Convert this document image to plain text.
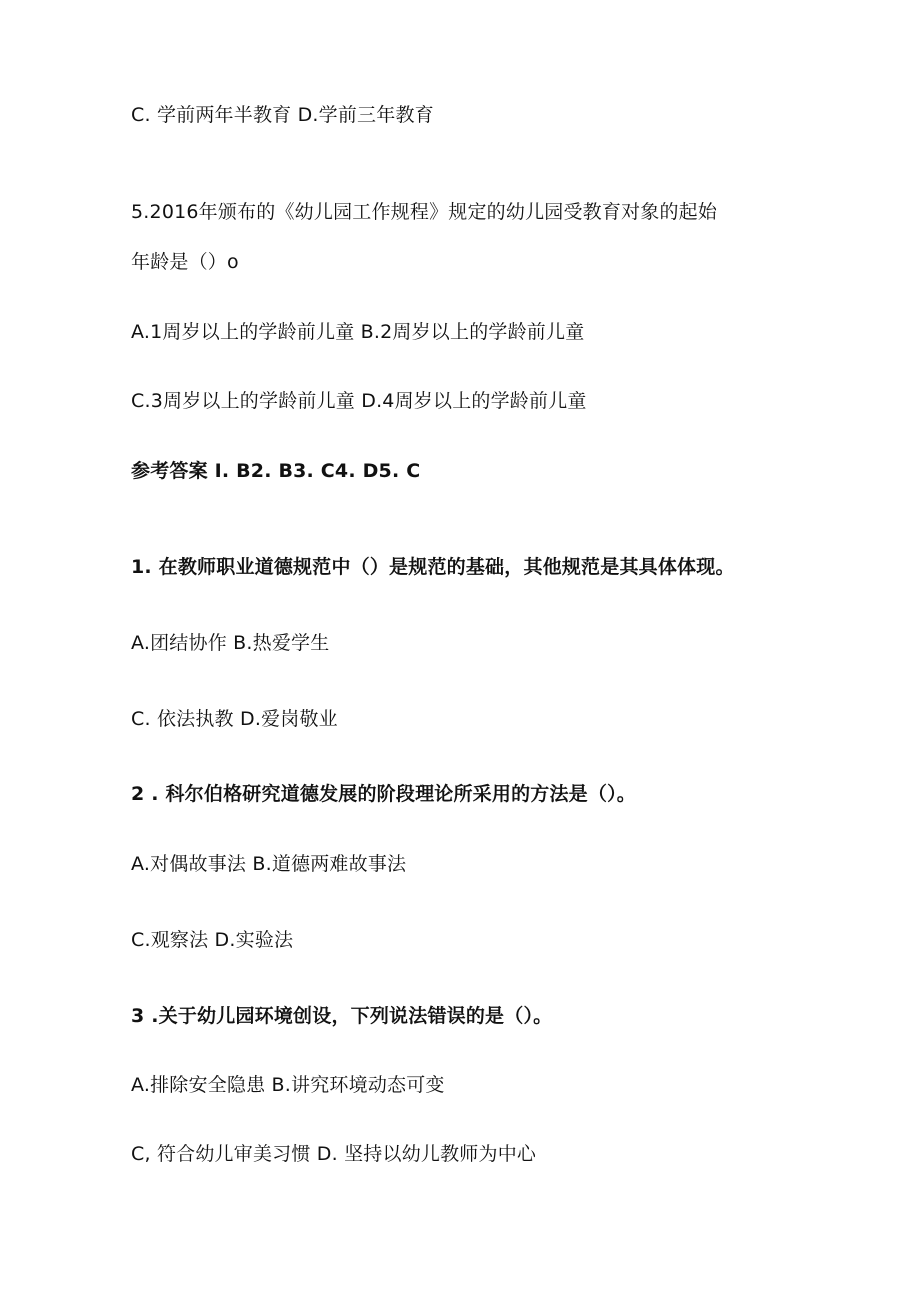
C. 学前两年半教育 D.学前三年教育
5.2016年颁布的《幼儿园工作规程》规定的幼儿园受教育对象的起始
年龄是（）o
A.1周岁以上的学龄前儿童 B.2周岁以上的学龄前儿童
C.3周岁以上的学龄前儿童 D.4周岁以上的学龄前儿童
参考答案 I. B2. B3. C4. D5. C
1. 在教师职业道德规范中（）是规范的基础，其他规范是其具体体现。
A.团结协作 B.热爱学生
C. 依法执教 D.爱岗敬业
2 . 科尔伯格研究道德发展的阶段理论所采用的方法是（）。
A.对偶故事法 B.道德两难故事法
C.观察法 D.实验法
3 .关于幼儿园环境创设，下列说法错误的是（）。
A.排除安全隐患 B.讲究环境动态可变
C, 符合幼儿审美习惯 D. 坚持以幼儿教师为中心
